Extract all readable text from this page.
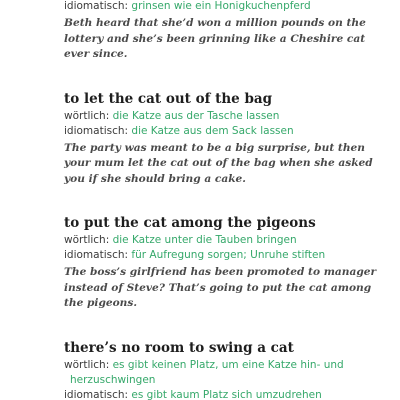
idiomatisch: grinsen wie ein Honigkuchenpferd

Beth heard that she’d won a million pounds on the lottery and she’s been grinning like a Cheshire cat ever since.

to let the cat out of the bag

wörtlich: die Katze aus der Tasche lassen

idiomatisch: die Katze aus dem Sack lassen

The party was meant to be a big surprise, but then your mum let the cat out of the bag when she asked you if she should bring a cake.

to put the cat among the pigeons

wörtlich: die Katze unter die Tauben bringen

idiomatisch: für Aufregung sorgen; Unruhe stiften

The boss’s girlfriend has been promoted to manager instead of Steve? That’s going to put the cat among the pigeons.

there’s no room to swing a cat

wörtlich: es gibt keinen Platz, um eine Katze hin- und herzuschwingen

idiomatisch: es gibt kaum Platz sich umzudrehen
